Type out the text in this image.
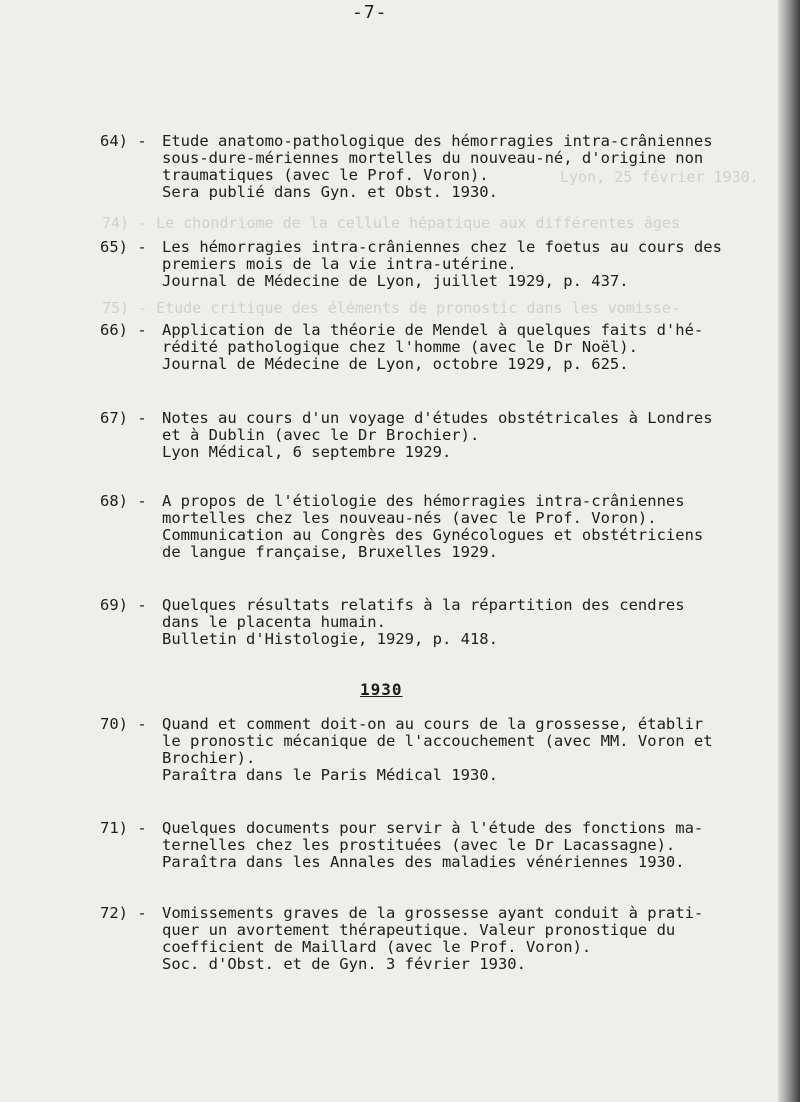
-7-
74) - Le chondriome de la cellule hépatique aux différentes âges
75) - Etude critique des éléments de pronostic dans les vomisse-
Lyon, 25 février 1930.
64) - Etude anatomo-pathologique des hémorragies intra-crâniennes
sous-dure-mériennes mortelles du nouveau-né, d'origine non
traumatiques (avec le Prof. Voron).
Sera publié dans Gyn. et Obst. 1930.
65) - Les hémorragies intra-crâniennes chez le foetus au cours des
premiers mois de la vie intra-utérine.
Journal de Médecine de Lyon, juillet 1929, p. 437.
66) - Application de la théorie de Mendel à quelques faits d'hé-
rédité pathologique chez l'homme (avec le Dr Noël).
Journal de Médecine de Lyon, octobre 1929, p. 625.
67) - Notes au cours d'un voyage d'études obstétricales à Londres
et à Dublin (avec le Dr Brochier).
Lyon Médical, 6 septembre 1929.
68) - A propos de l'étiologie des hémorragies intra-crâniennes
mortelles chez les nouveau-nés (avec le Prof. Voron).
Communication au Congrès des Gynécologues et obstétriciens
de langue française, Bruxelles 1929.
69) - Quelques résultats relatifs à la répartition des cendres
dans le placenta humain.
Bulletin d'Histologie, 1929, p. 418.
1930
70) - Quand et comment doit-on au cours de la grossesse, établir
le pronostic mécanique de l'accouchement (avec MM. Voron et
Brochier).
Paraîtra dans le Paris Médical 1930.
71) - Quelques documents pour servir à l'étude des fonctions ma-
ternelles chez les prostituées (avec le Dr Lacassagne).
Paraîtra dans les Annales des maladies vénériennes 1930.
72) - Vomissements graves de la grossesse ayant conduit à prati-
quer un avortement thérapeutique. Valeur pronostique du
coefficient de Maillard (avec le Prof. Voron).
Soc. d'Obst. et de Gyn. 3 février 1930.
